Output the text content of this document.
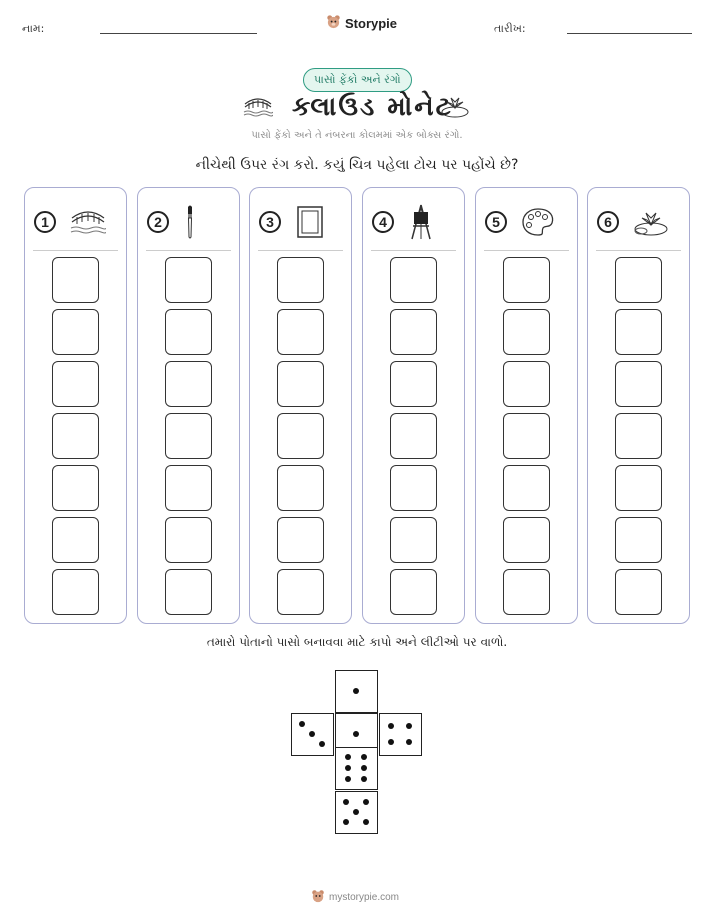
નામ:	Storypie	તારીખ:
પાસો ફેંકો અને રંગો
ક્લાઉડ મોનેટ
પાસો ફેંકો અને તે નંબરના કોલમમાં એક બોક્સ રંગો.
નીચેથી ઉપર રંગ કરો. કયું ચિત્ર પહેલા ટોચ પર પહોંચે છે?
1	2	3	4	5	6
તમારો પોતાનો પાસો બનાવવા માટે કાપો અને લીટીઓ પર વાળો.
mystorypie.com
